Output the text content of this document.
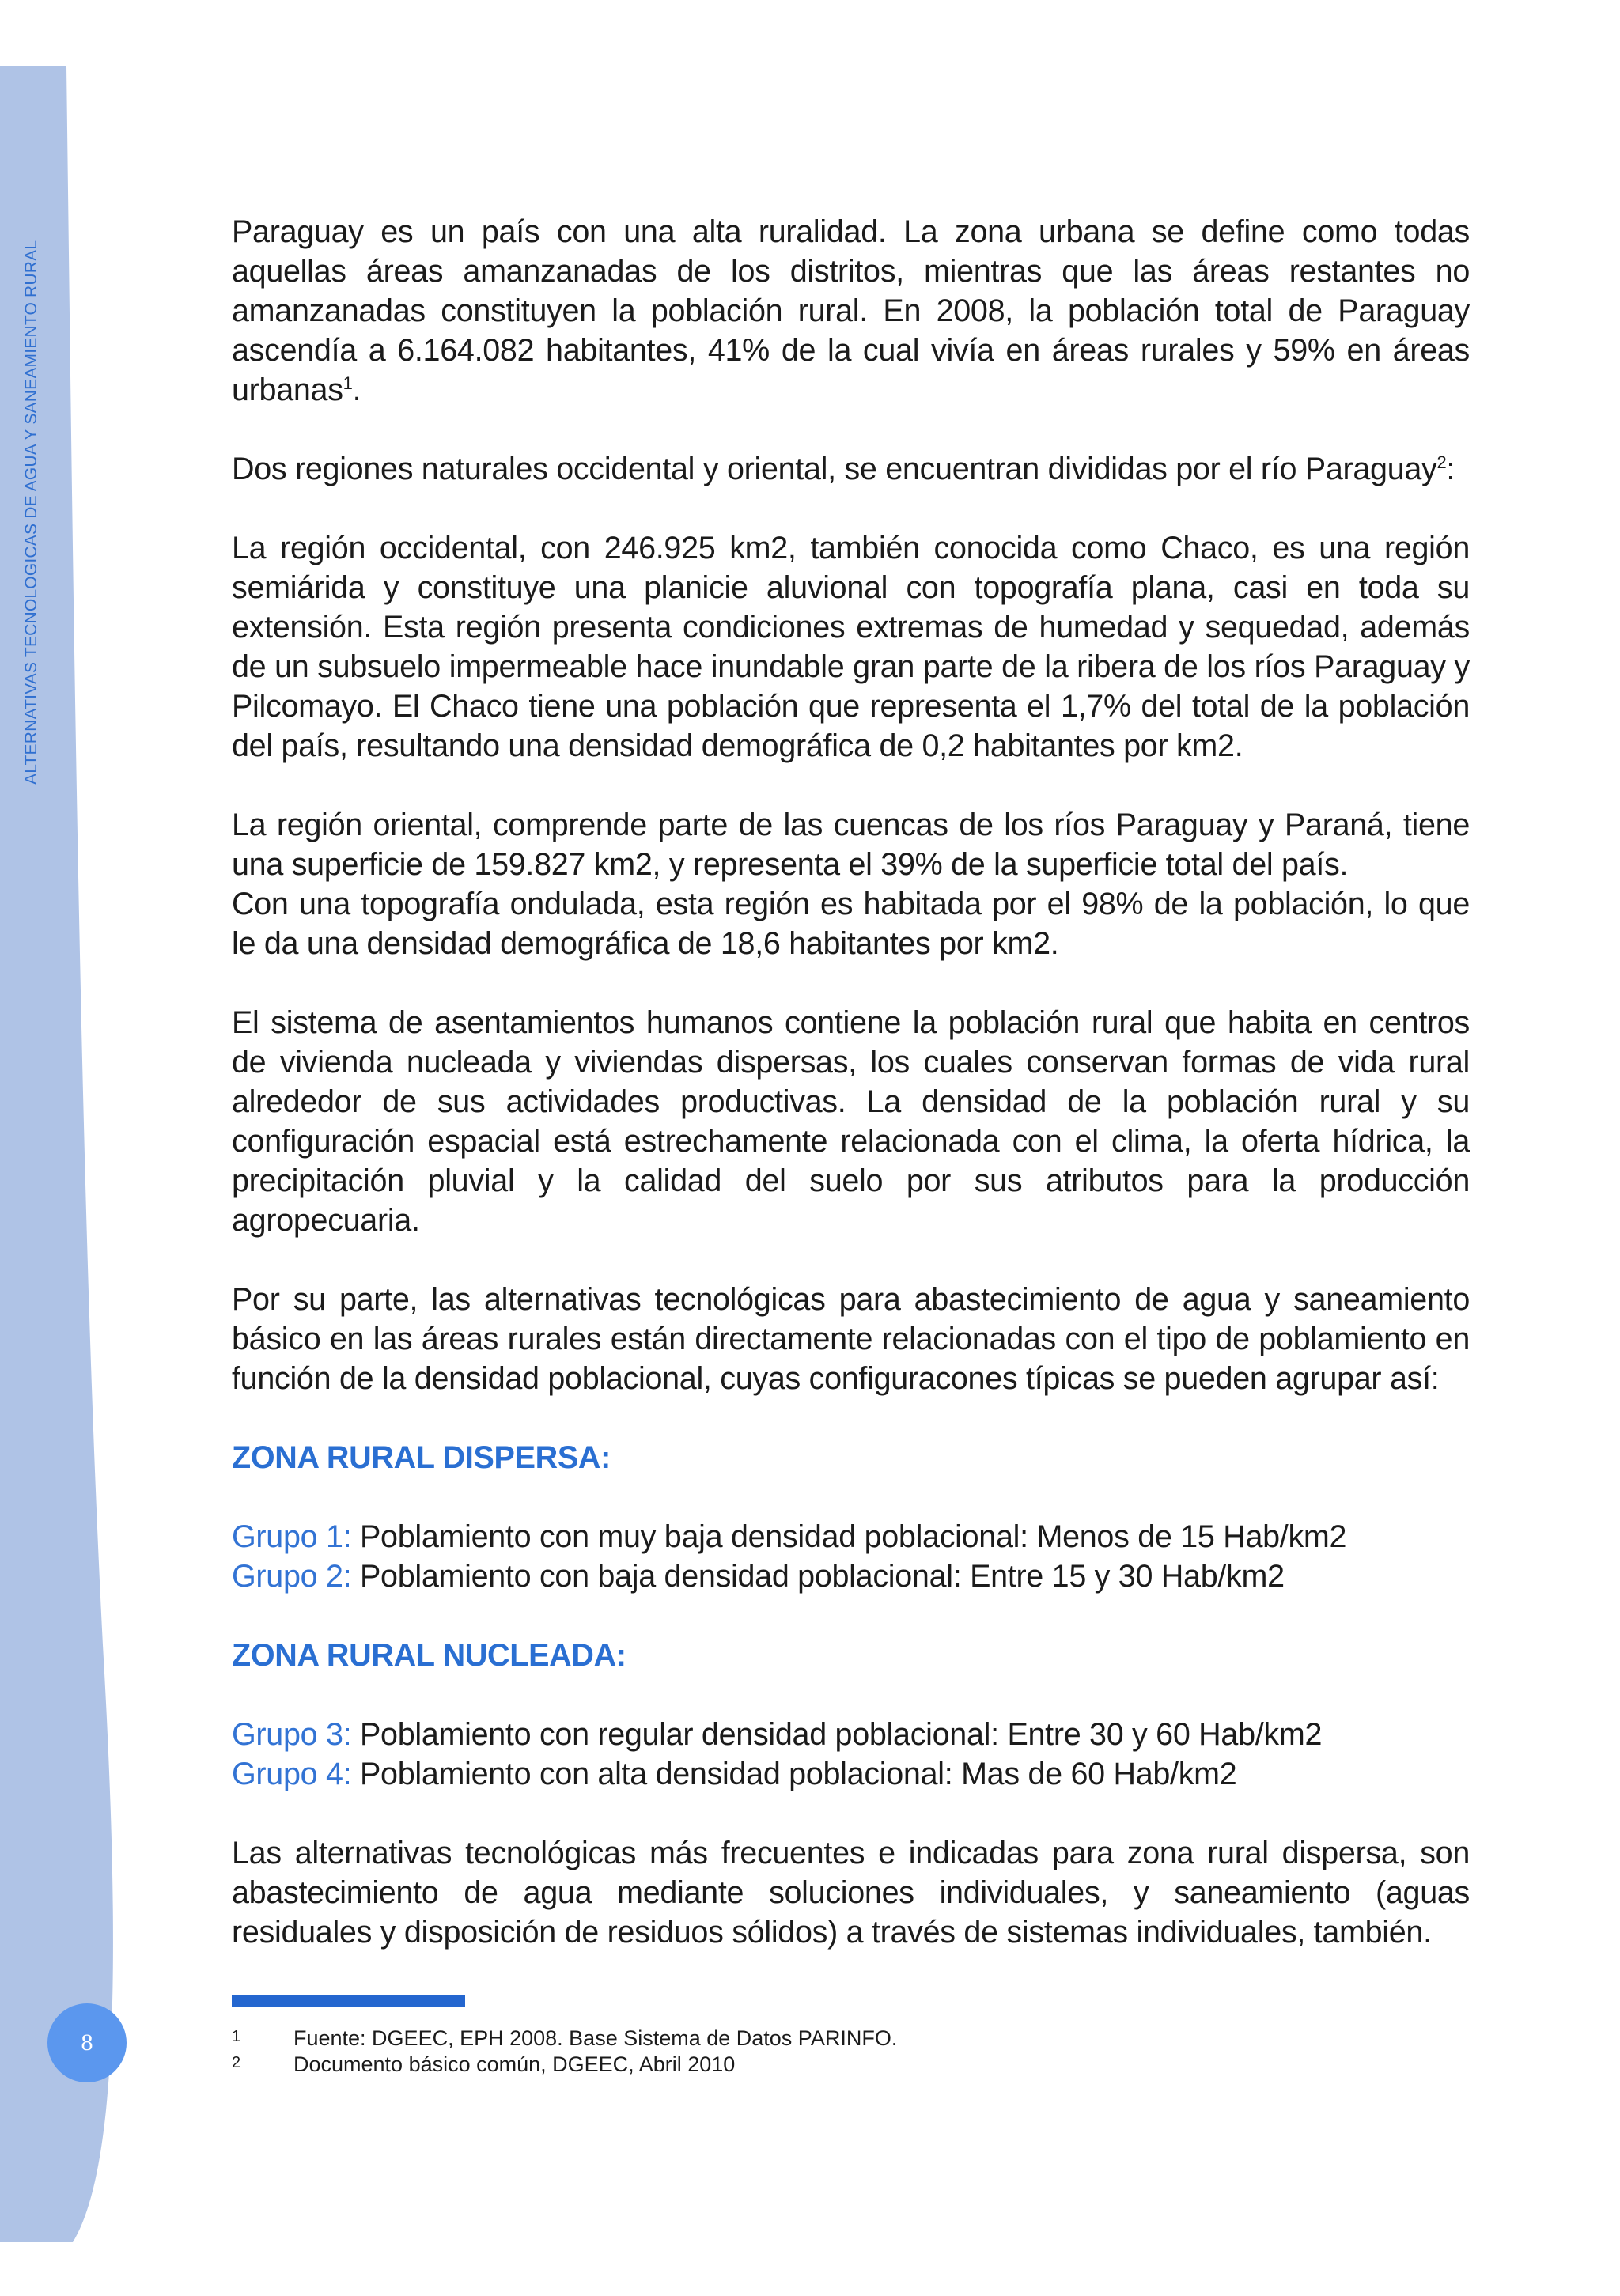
ALTERNATIVAS TECNOLOGICAS DE AGUA Y SANEAMIENTO RURAL
8

Paraguay es un país con una alta ruralidad. La zona urbana se define como todas aquellas áreas amanzanadas de los distritos, mientras que las áreas restantes no amanzanadas constituyen la población rural. En 2008, la población total de Paraguay ascendía a 6.164.082 habitantes, 41% de la cual vivía en áreas rurales y 59% en áreas urbanas$^1$.

Dos regiones naturales occidental y oriental, se encuentran divididas por el río Paraguay$^2$:

La región occidental, con 246.925 km2, también conocida como Chaco, es una región semiárida y constituye una planicie aluvional con topografía plana, casi en toda su extensión. Esta región presenta condiciones extremas de humedad y sequedad, además de un subsuelo impermeable hace inundable gran parte de la ribera de los ríos Paraguay y Pilcomayo. El Chaco tiene una población que representa el 1,7% del total de la población del país, resultando una densidad demográfica de 0,2 habitantes por km2.

La región oriental, comprende parte de las cuencas de los ríos Paraguay y Paraná, tiene una superficie de 159.827 km2, y representa el 39% de la superficie total del país.

Con una topografía ondulada, esta región es habitada por el 98% de la población, lo que le da una densidad demográfica de 18,6 habitantes por km2.

El sistema de asentamientos humanos contiene la población rural que habita en centros de vivienda nucleada y viviendas dispersas, los cuales conservan formas de vida rural alrededor de sus actividades productivas. La densidad de la población rural y su configuración espacial está estrechamente relacionada con el clima, la oferta hídrica, la precipitación pluvial y la calidad del suelo por sus atributos para la producción agropecuaria.

Por su parte, las alternativas tecnológicas para abastecimiento de agua y saneamiento básico en las áreas rurales están directamente relacionadas con el tipo de poblamiento en función de la densidad poblacional, cuyas configuracones típicas se pueden agrupar así:

ZONA RURAL DISPERSA:

Grupo 1: Poblamiento con muy baja densidad poblacional: Menos de 15 Hab/km2

Grupo 2: Poblamiento con baja densidad poblacional: Entre 15 y 30 Hab/km2

ZONA RURAL NUCLEADA:

Grupo 3: Poblamiento con regular densidad poblacional: Entre 30 y 60 Hab/km2

Grupo 4: Poblamiento con alta densidad poblacional: Mas de 60 Hab/km2

Las alternativas tecnológicas más frecuentes e indicadas para zona rural dispersa, son abastecimiento de agua mediante soluciones individuales, y saneamiento (aguas residuales y disposición de residuos sólidos) a través de sistemas individuales, también.

1	Fuente: DGEEC, EPH 2008. Base Sistema de Datos PARINFO.
2	Documento básico común, DGEEC, Abril 2010
